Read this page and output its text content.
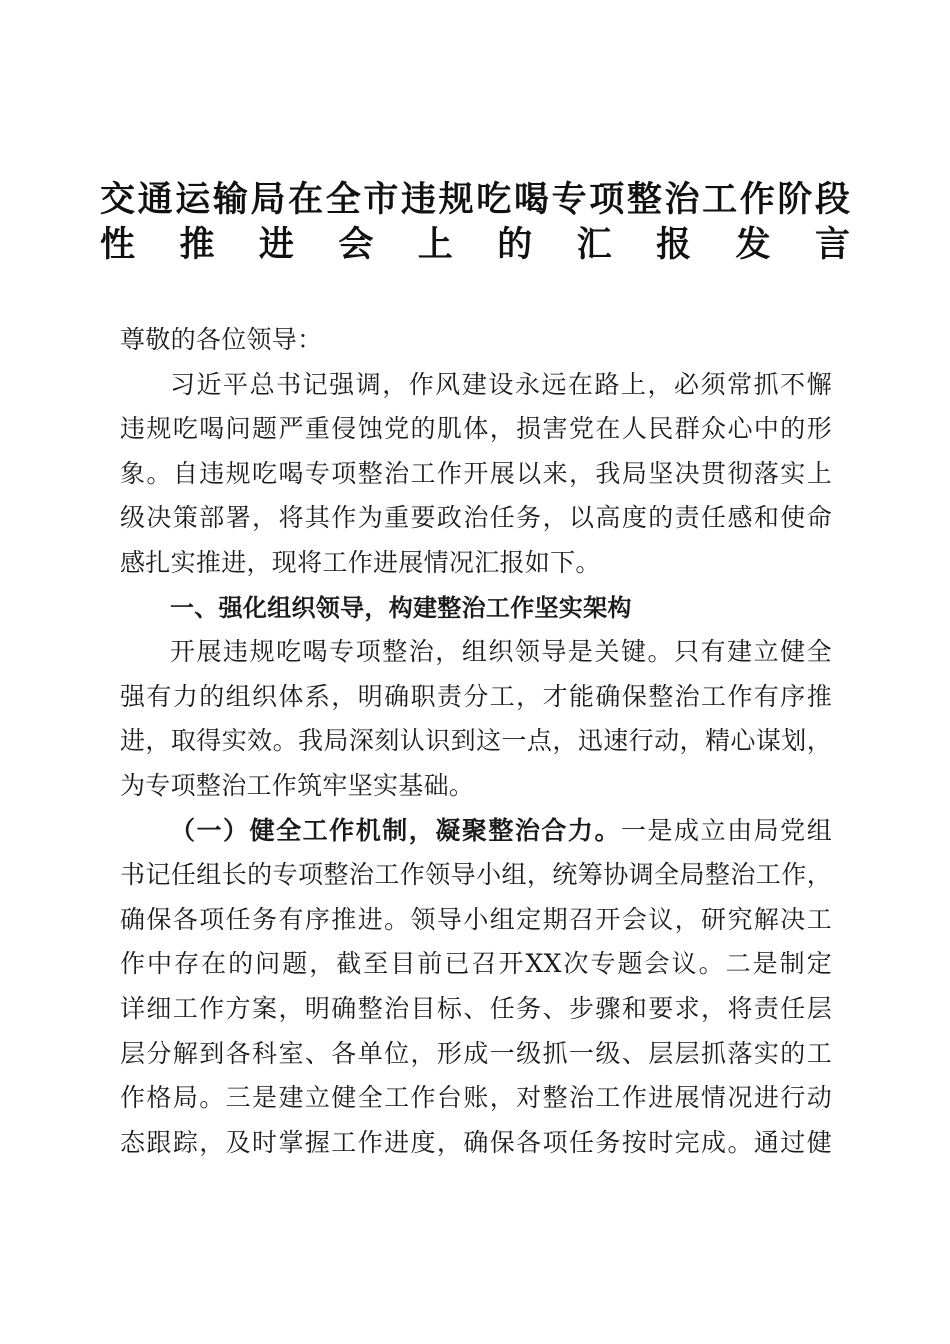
交通运输局在全市违规吃喝专项整治工作阶段
性推进会上的汇报发言
尊敬的各位领导：
习近平总书记强调，作风建设永远在路上，必须常抓不懈
违规吃喝问题严重侵蚀党的肌体，损害党在人民群众心中的形
象。自违规吃喝专项整治工作开展以来，我局坚决贯彻落实上
级决策部署，将其作为重要政治任务，以高度的责任感和使命
感扎实推进，现将工作进展情况汇报如下。
一、强化组织领导，构建整治工作坚实架构
开展违规吃喝专项整治，组织领导是关键。只有建立健全
强有力的组织体系，明确职责分工，才能确保整治工作有序推
进，取得实效。我局深刻认识到这一点，迅速行动，精心谋划，
为专项整治工作筑牢坚实基础。
（一）健全工作机制，凝聚整治合力。一是成立由局党组
书记任组长的专项整治工作领导小组，统筹协调全局整治工作，
确保各项任务有序推进。领导小组定期召开会议，研究解决工
作中存在的问题，截至目前已召开XX次专题会议。二是制定
详细工作方案，明确整治目标、任务、步骤和要求，将责任层
层分解到各科室、各单位，形成一级抓一级、层层抓落实的工
作格局。三是建立健全工作台账，对整治工作进展情况进行动
态跟踪，及时掌握工作进度，确保各项任务按时完成。通过健
